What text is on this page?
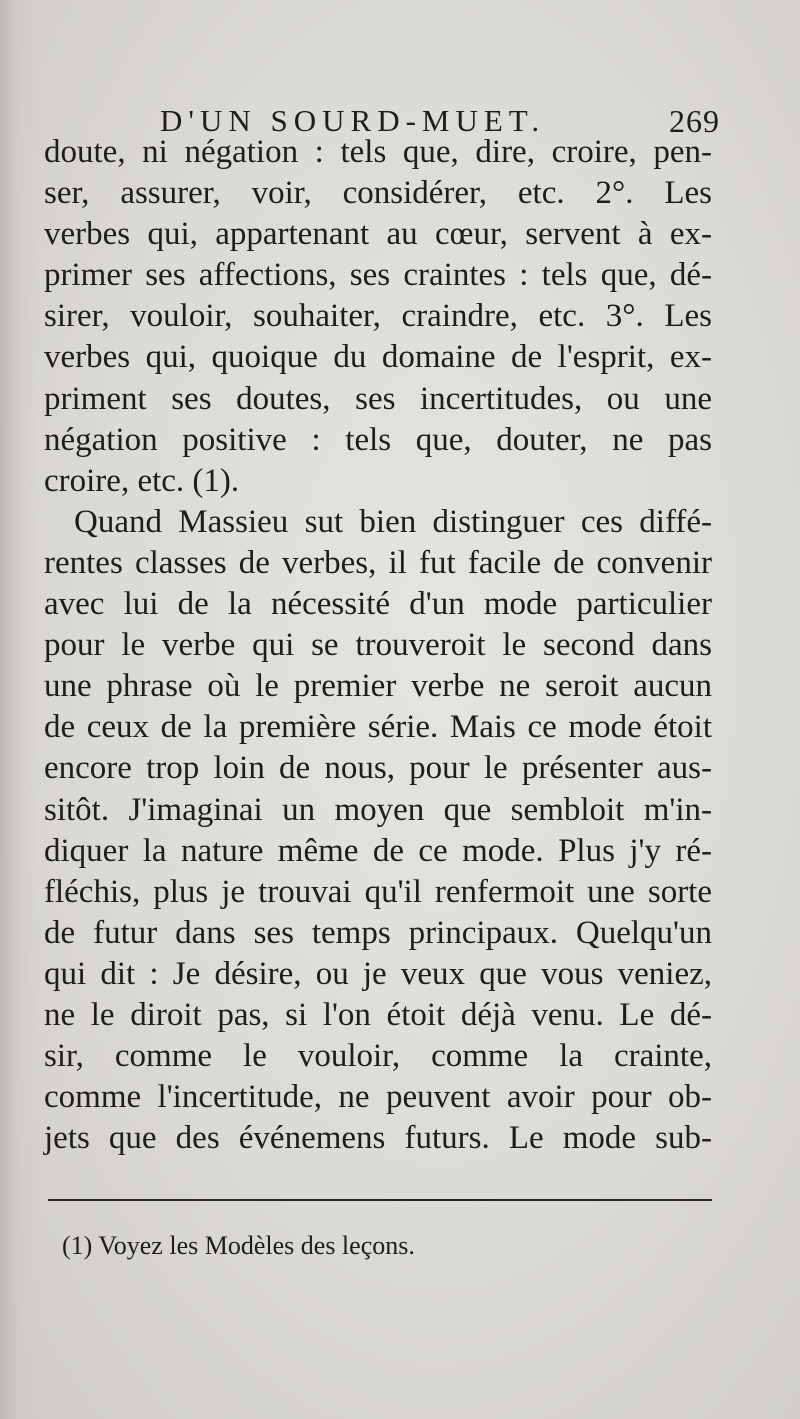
D'UN SOURD-MUET.	269
doute, ni négation : tels que, dire, croire, pen-
ser, assurer, voir, considérer, etc. 2°. Les
verbes qui, appartenant au cœur, servent à ex-
primer ses affections, ses craintes : tels que, dé-
sirer, vouloir, souhaiter, craindre, etc. 3°. Les
verbes qui, quoique du domaine de l'esprit, ex-
priment ses doutes, ses incertitudes, ou une
négation positive : tels que, douter, ne pas
croire, etc. (1).
Quand Massieu sut bien distinguer ces diffé-
rentes classes de verbes, il fut facile de convenir
avec lui de la nécessité d'un mode particulier
pour le verbe qui se trouveroit le second dans
une phrase où le premier verbe ne seroit aucun
de ceux de la première série. Mais ce mode étoit
encore trop loin de nous, pour le présenter aus-
sitôt. J'imaginai un moyen que sembloit m'in-
diquer la nature même de ce mode. Plus j'y ré-
fléchis, plus je trouvai qu'il renfermoit une sorte
de futur dans ses temps principaux. Quelqu'un
qui dit : Je désire, ou je veux que vous veniez,
ne le diroit pas, si l'on étoit déjà venu. Le dé-
sir, comme le vouloir, comme la crainte,
comme l'incertitude, ne peuvent avoir pour ob-
jets que des événemens futurs. Le mode sub-
(1) Voyez les Modèles des leçons.
